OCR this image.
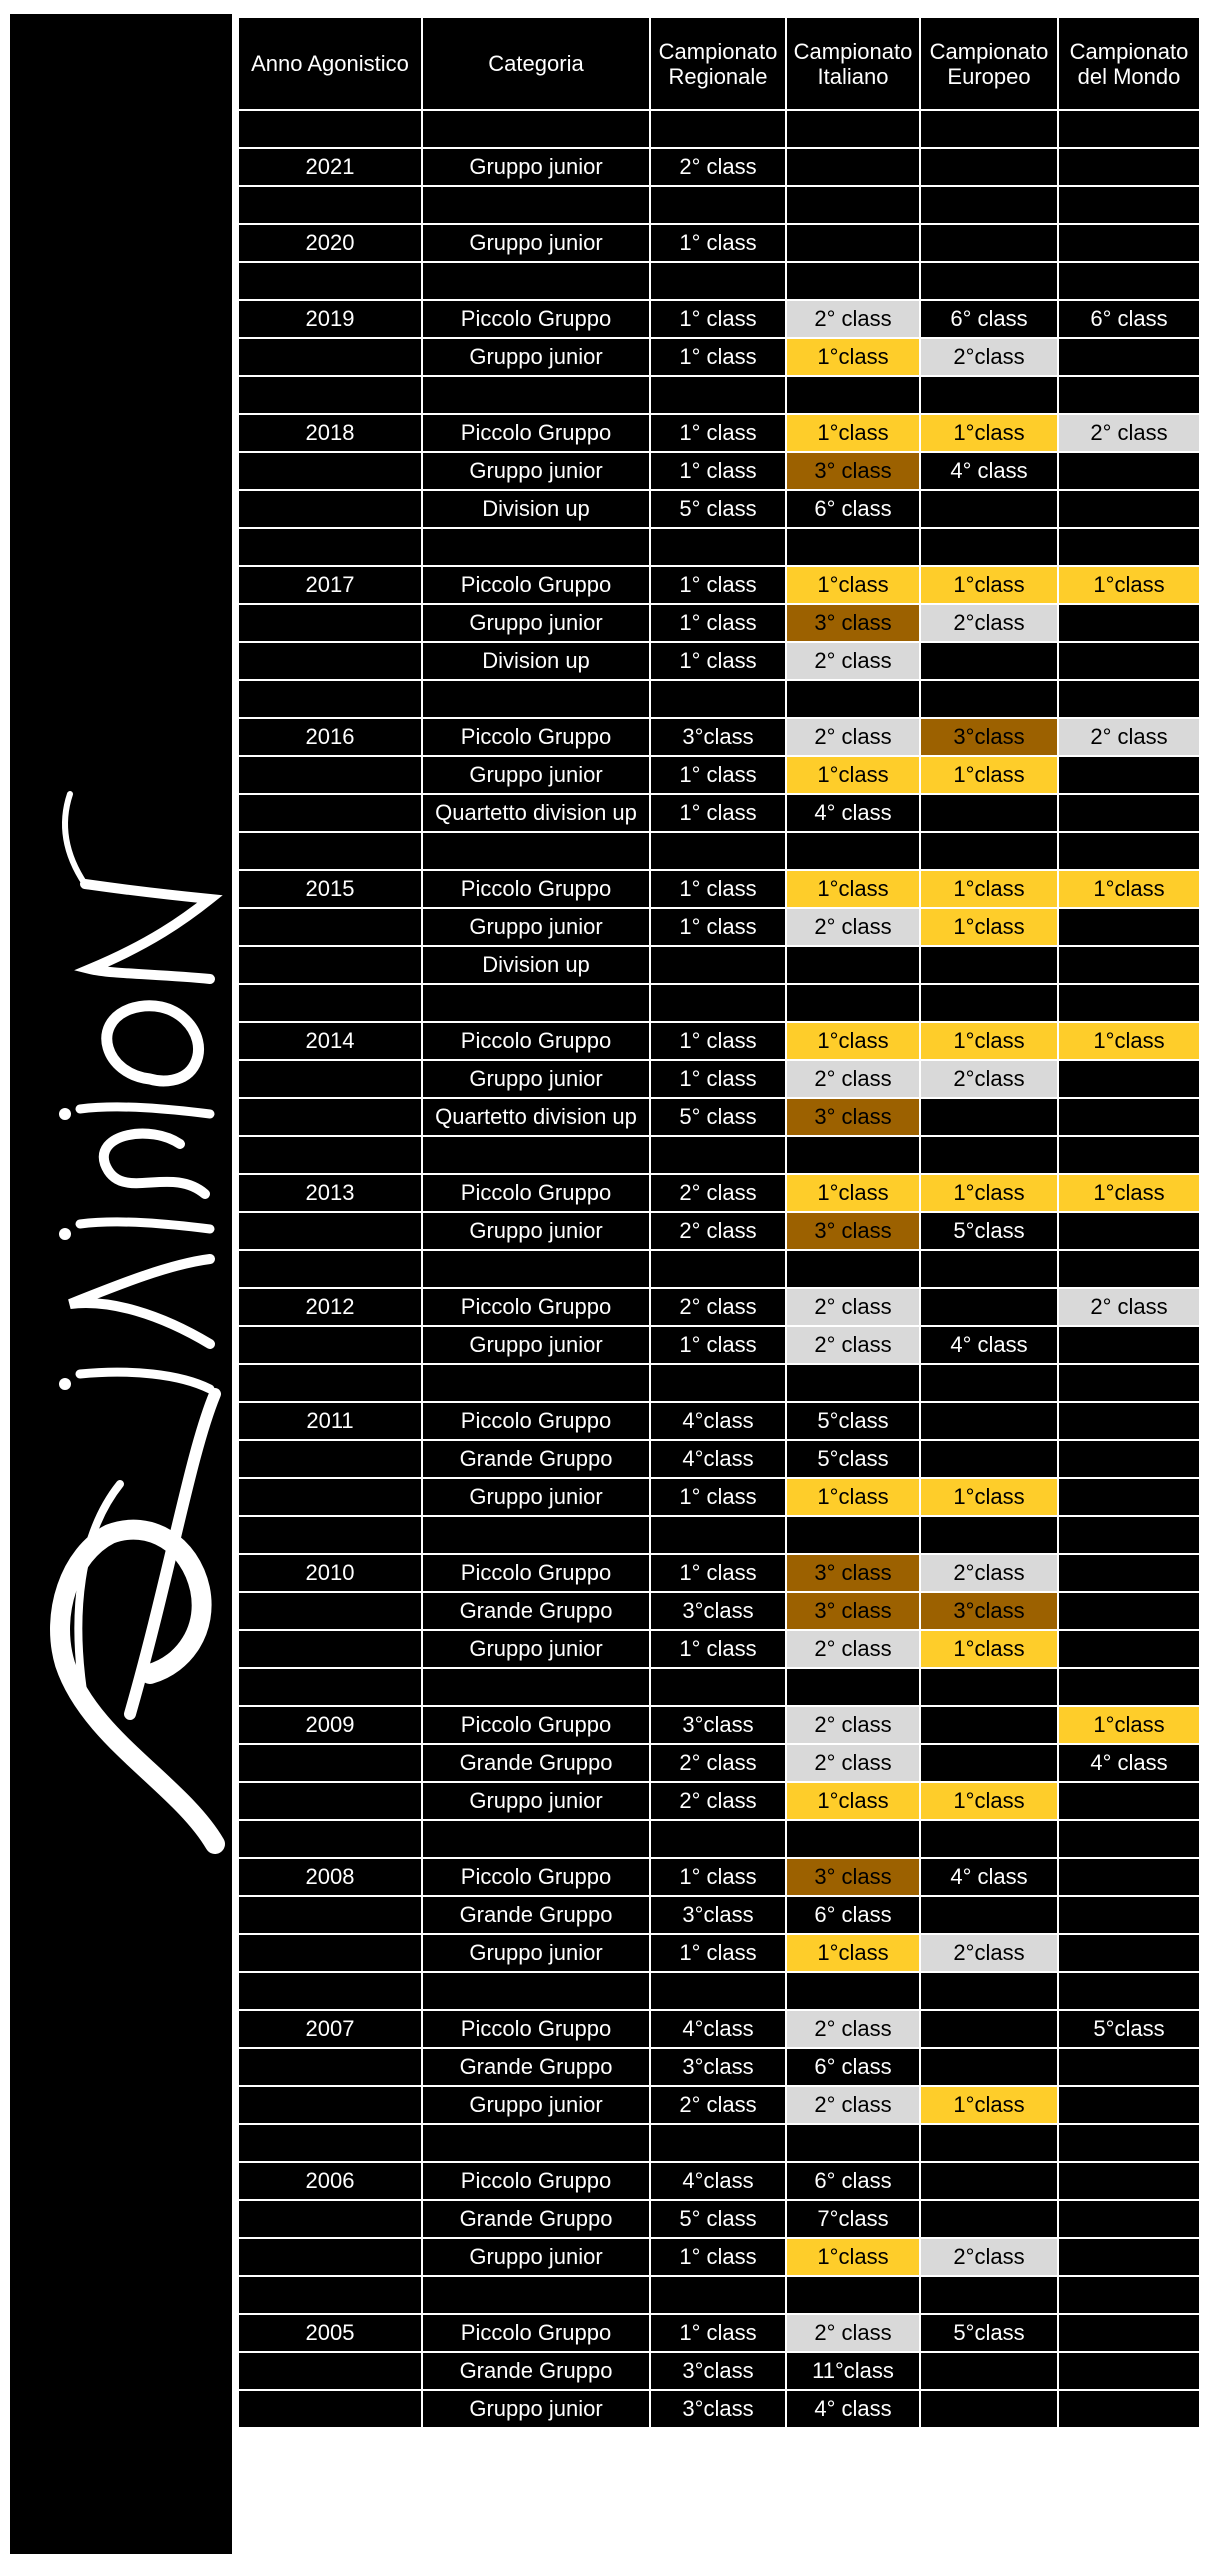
Anno Agonistico	Categoria	Campionato Regionale	Campionato Italiano	Campionato Europeo	Campionato del Mondo

2021	Gruppo junior	2° class			

2020	Gruppo junior	1° class			

2019	Piccolo Gruppo	1° class	2° class	6° class	6° class
	Gruppo junior	1° class	1°class	2°class	

2018	Piccolo Gruppo	1° class	1°class	1°class	2° class
	Gruppo junior	1° class	3° class	4° class	
	Division up	5° class	6° class		

2017	Piccolo Gruppo	1° class	1°class	1°class	1°class
	Gruppo junior	1° class	3° class	2°class	
	Division up	1° class	2° class		

2016	Piccolo Gruppo	3°class	2° class	3°class	2° class
	Gruppo junior	1° class	1°class	1°class	
	Quartetto division up	1° class	4° class		

2015	Piccolo Gruppo	1° class	1°class	1°class	1°class
	Gruppo junior	1° class	2° class	1°class	
	Division up				

2014	Piccolo Gruppo	1° class	1°class	1°class	1°class
	Gruppo junior	1° class	2° class	2°class	
	Quartetto division up	5° class	3° class		

2013	Piccolo Gruppo	2° class	1°class	1°class	1°class
	Gruppo junior	2° class	3° class	5°class	

2012	Piccolo Gruppo	2° class	2° class		2° class
	Gruppo junior	1° class	2° class	4° class	

2011	Piccolo Gruppo	4°class	5°class		
	Grande Gruppo	4°class	5°class		
	Gruppo junior	1° class	1°class	1°class	

2010	Piccolo Gruppo	1° class	3° class	2°class	
	Grande Gruppo	3°class	3° class	3°class	
	Gruppo junior	1° class	2° class	1°class	

2009	Piccolo Gruppo	3°class	2° class		1°class
	Grande Gruppo	2° class	2° class		4° class
	Gruppo junior	2° class	1°class	1°class	

2008	Piccolo Gruppo	1° class	3° class	4° class	
	Grande Gruppo	3°class	6° class		
	Gruppo junior	1° class	1°class	2°class	

2007	Piccolo Gruppo	4°class	2° class		5°class
	Grande Gruppo	3°class	6° class		
	Gruppo junior	2° class	2° class	1°class	

2006	Piccolo Gruppo	4°class	6° class		
	Grande Gruppo	5° class	7°class		
	Gruppo junior	1° class	1°class	2°class	

2005	Piccolo Gruppo	1° class	2° class	5°class	
	Grande Gruppo	3°class	11°class		
	Gruppo junior	3°class	4° class		
